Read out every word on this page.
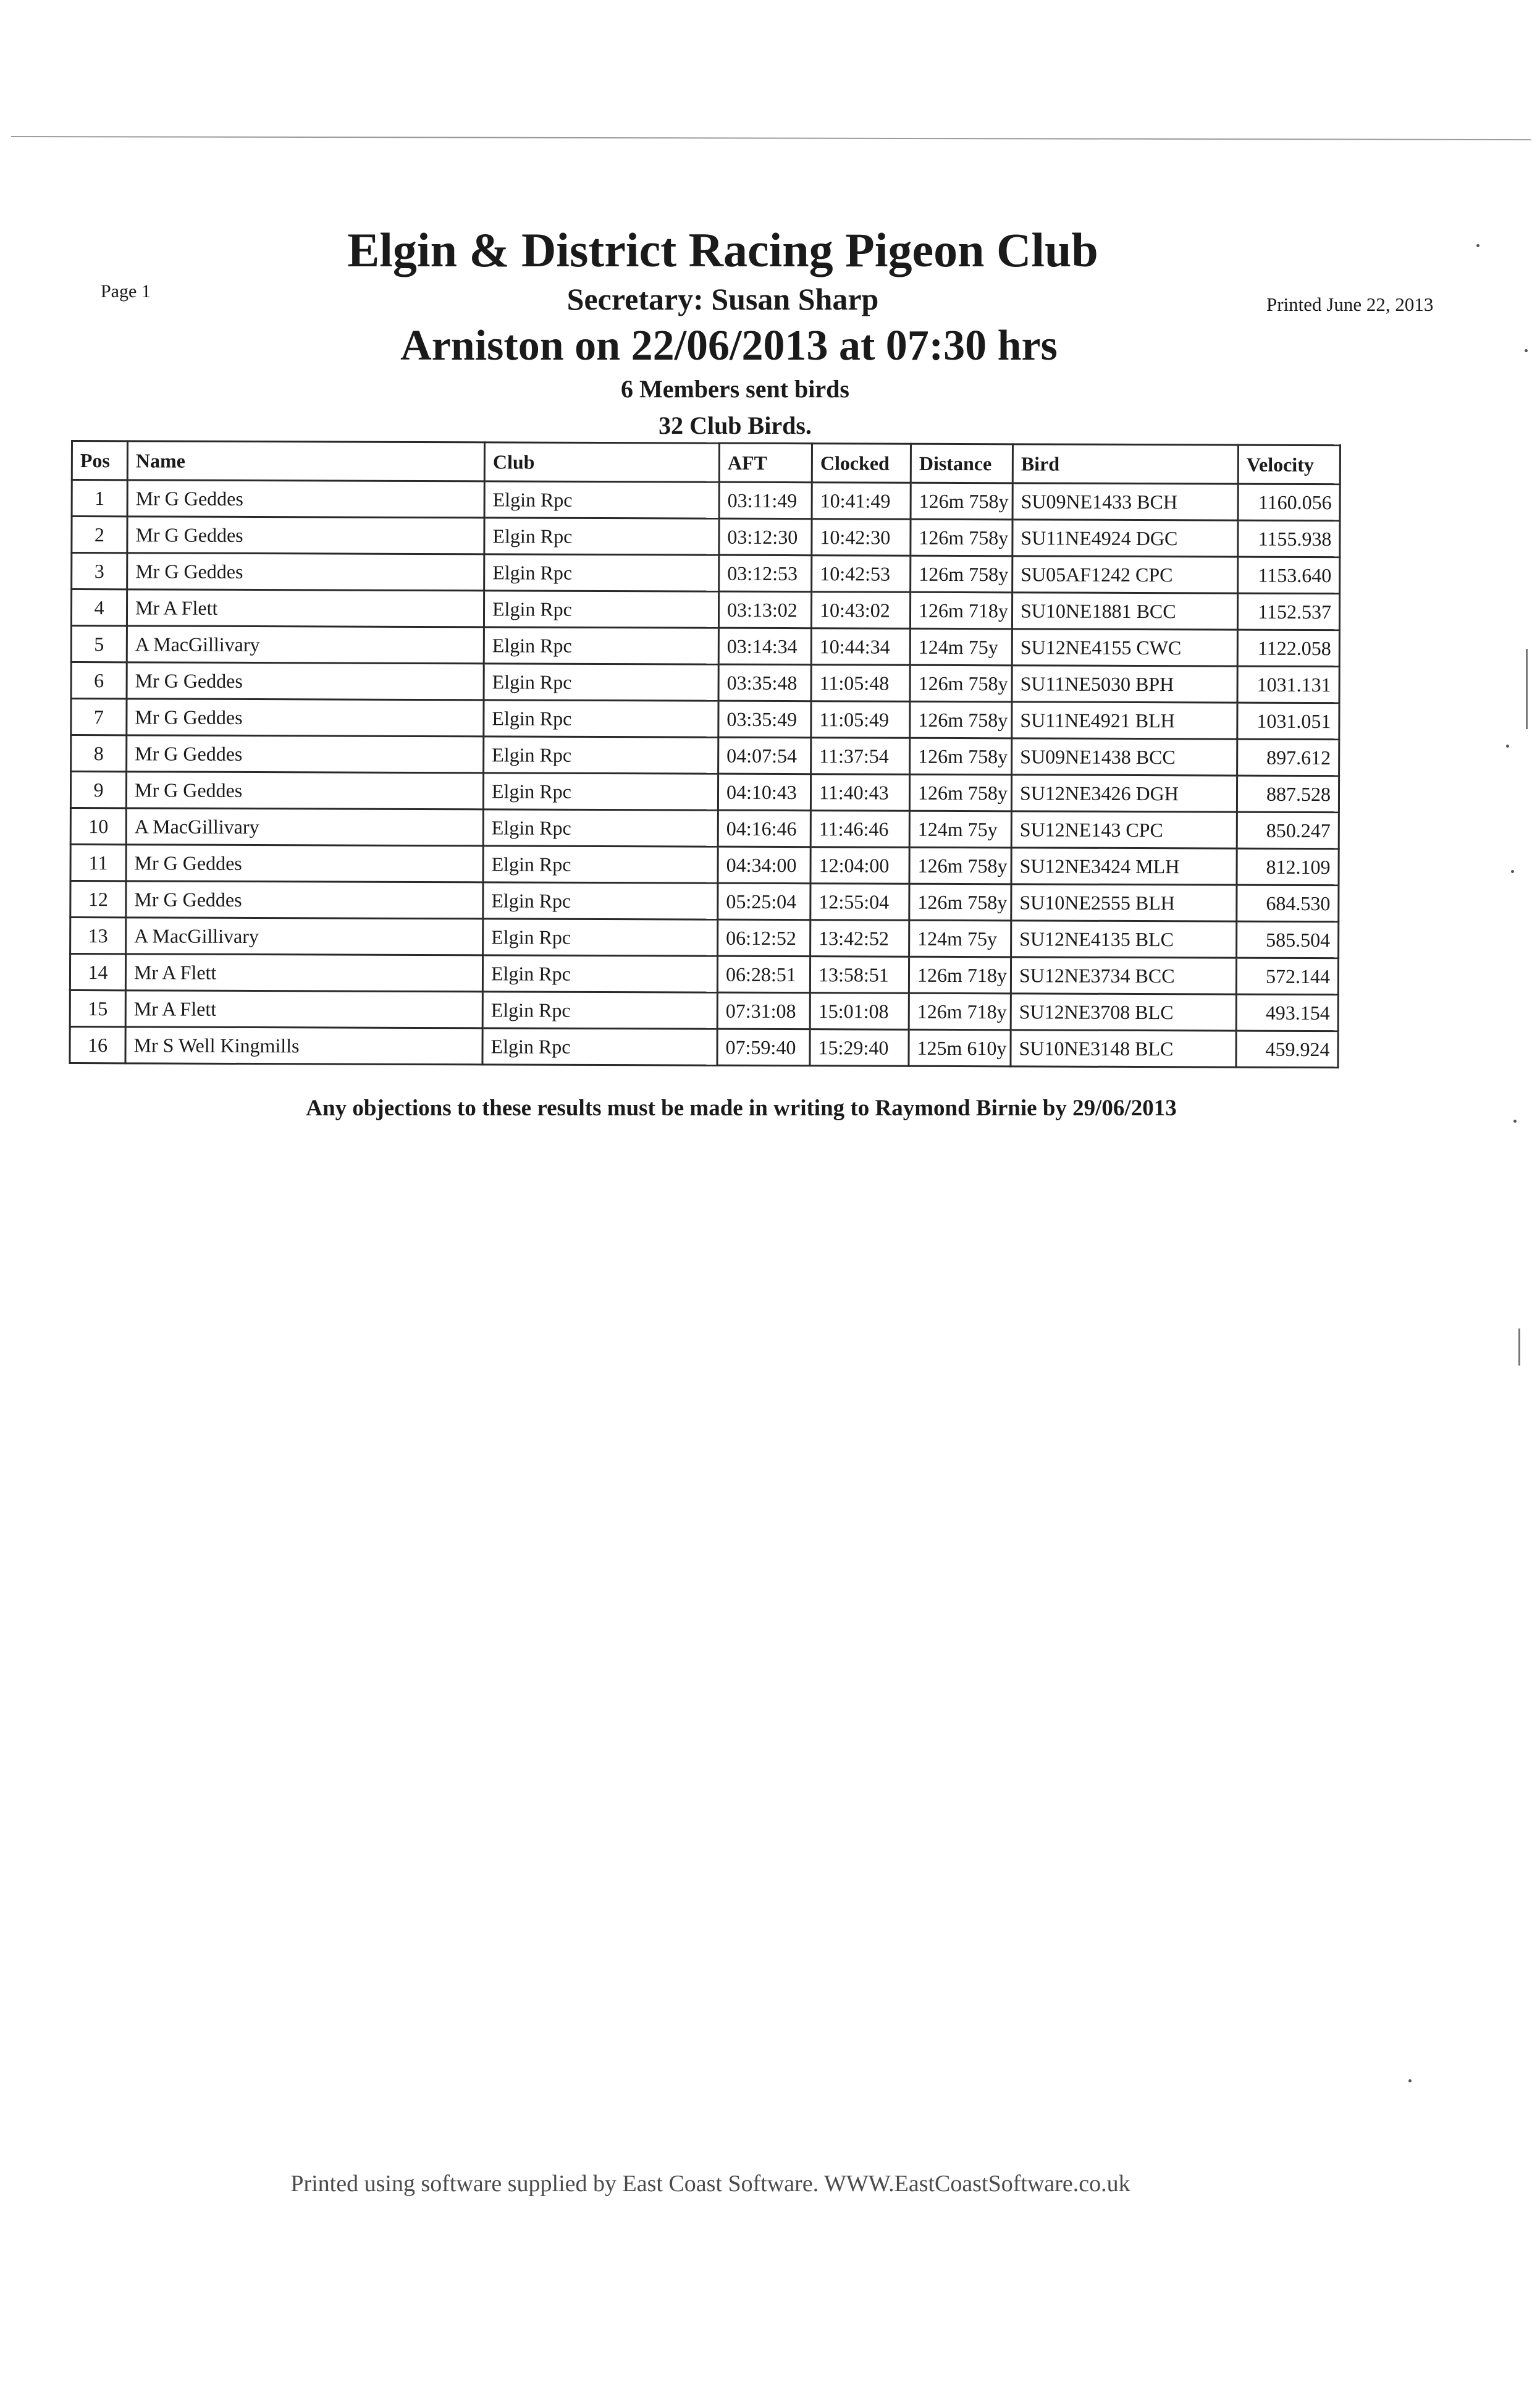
Page 1
Printed June 22, 2013
Elgin & District Racing Pigeon Club
Secretary: Susan Sharp
Arniston on 22/06/2013 at 07:30 hrs
6 Members sent birds
32 Club Birds.
Pos	Name	Club	AFT	Clocked	Distance	Bird	Velocity
1	Mr G Geddes	Elgin Rpc	03:11:49	10:41:49	126m 758y	SU09NE1433 BCH	1160.056
2	Mr G Geddes	Elgin Rpc	03:12:30	10:42:30	126m 758y	SU11NE4924 DGC	1155.938
3	Mr G Geddes	Elgin Rpc	03:12:53	10:42:53	126m 758y	SU05AF1242 CPC	1153.640
4	Mr A Flett	Elgin Rpc	03:13:02	10:43:02	126m 718y	SU10NE1881 BCC	1152.537
5	A MacGillivary	Elgin Rpc	03:14:34	10:44:34	124m 75y	SU12NE4155 CWC	1122.058
6	Mr G Geddes	Elgin Rpc	03:35:48	11:05:48	126m 758y	SU11NE5030 BPH	1031.131
7	Mr G Geddes	Elgin Rpc	03:35:49	11:05:49	126m 758y	SU11NE4921 BLH	1031.051
8	Mr G Geddes	Elgin Rpc	04:07:54	11:37:54	126m 758y	SU09NE1438 BCC	897.612
9	Mr G Geddes	Elgin Rpc	04:10:43	11:40:43	126m 758y	SU12NE3426 DGH	887.528
10	A MacGillivary	Elgin Rpc	04:16:46	11:46:46	124m 75y	SU12NE143 CPC	850.247
11	Mr G Geddes	Elgin Rpc	04:34:00	12:04:00	126m 758y	SU12NE3424 MLH	812.109
12	Mr G Geddes	Elgin Rpc	05:25:04	12:55:04	126m 758y	SU10NE2555 BLH	684.530
13	A MacGillivary	Elgin Rpc	06:12:52	13:42:52	124m 75y	SU12NE4135 BLC	585.504
14	Mr A Flett	Elgin Rpc	06:28:51	13:58:51	126m 718y	SU12NE3734 BCC	572.144
15	Mr A Flett	Elgin Rpc	07:31:08	15:01:08	126m 718y	SU12NE3708 BLC	493.154
16	Mr S Well Kingmills	Elgin Rpc	07:59:40	15:29:40	125m 610y	SU10NE3148 BLC	459.924
Any objections to these results must be made in writing to Raymond Birnie by 29/06/2013
Printed using software supplied by East Coast Software. WWW.EastCoastSoftware.co.uk
